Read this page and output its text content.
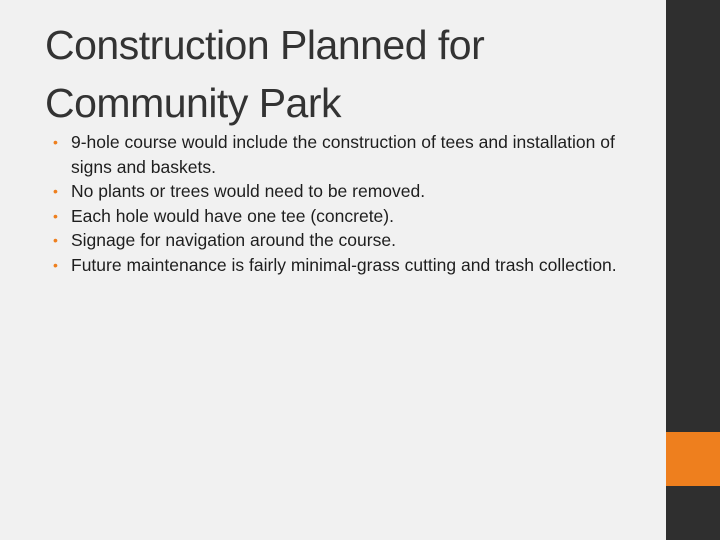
Construction Planned for
Community Park
• 9-hole course would include the construction of tees and installation of signs and baskets.
• No plants or trees would need to be removed.
• Each hole would have one tee (concrete).
• Signage for navigation around the course.
• Future maintenance is fairly minimal-grass cutting and trash collection.
